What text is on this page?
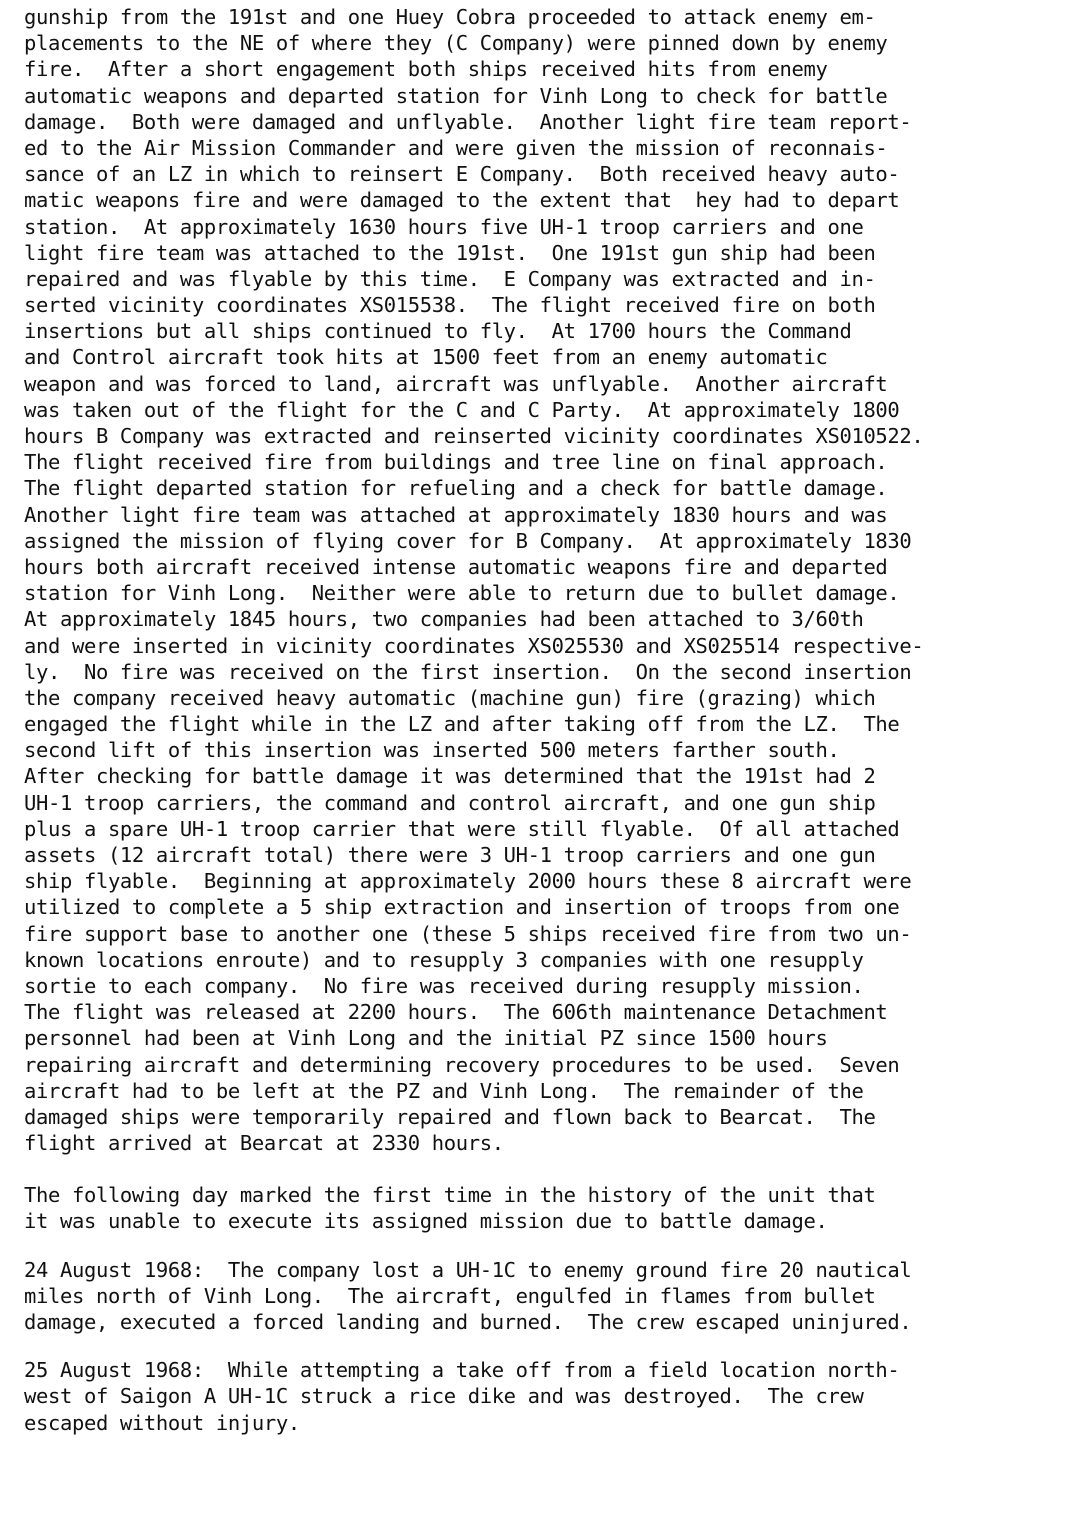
gunship from the 191st and one Huey Cobra proceeded to attack enemy em-
placements to the NE of where they (C Company) were pinned down by enemy
fire.  After a short engagement both ships received hits from enemy
automatic weapons and departed station for Vinh Long to check for battle
damage.  Both were damaged and unflyable.  Another light fire team report-
ed to the Air Mission Commander and were given the mission of reconnais-
sance of an LZ in which to reinsert E Company.  Both received heavy auto-
matic weapons fire and were damaged to the extent that  hey had to depart
station.  At approximately 1630 hours five UH-1 troop carriers and one
light fire team was attached to the 191st.  One 191st gun ship had been
repaired and was flyable by this time.  E Company was extracted and in-
serted vicinity coordinates XS015538.  The flight received fire on both
insertions but all ships continued to fly.  At 1700 hours the Command
and Control aircraft took hits at 1500 feet from an enemy automatic
weapon and was forced to land, aircraft was unflyable.  Another aircraft
was taken out of the flight for the C and C Party.  At approximately 1800
hours B Company was extracted and reinserted vicinity coordinates XS010522.
The flight received fire from buildings and tree line on final approach.
The flight departed station for refueling and a check for battle damage.
Another light fire team was attached at approximately 1830 hours and was
assigned the mission of flying cover for B Company.  At approximately 1830
hours both aircraft received intense automatic weapons fire and departed
station for Vinh Long.  Neither were able to return due to bullet damage.
At approximately 1845 hours, two companies had been attached to 3/60th
and were inserted in vicinity coordinates XS025530 and XS025514 respective-
ly.  No fire was received on the first insertion.  On the second insertion
the company received heavy automatic (machine gun) fire (grazing) which
engaged the flight while in the LZ and after taking off from the LZ.  The
second lift of this insertion was inserted 500 meters farther south.
After checking for battle damage it was determined that the 191st had 2
UH-1 troop carriers, the command and control aircraft, and one gun ship
plus a spare UH-1 troop carrier that were still flyable.  Of all attached
assets (12 aircraft total) there were 3 UH-1 troop carriers and one gun
ship flyable.  Beginning at approximately 2000 hours these 8 aircraft were
utilized to complete a 5 ship extraction and insertion of troops from one
fire support base to another one (these 5 ships received fire from two un-
known locations enroute) and to resupply 3 companies with one resupply
sortie to each company.  No fire was received during resupply mission.
The flight was released at 2200 hours.  The 606th maintenance Detachment
personnel had been at Vinh Long and the initial PZ since 1500 hours
repairing aircraft and determining recovery procedures to be used.  Seven
aircraft had to be left at the PZ and Vinh Long.  The remainder of the
damaged ships were temporarily repaired and flown back to Bearcat.  The
flight arrived at Bearcat at 2330 hours.
The following day marked the first time in the history of the unit that
it was unable to execute its assigned mission due to battle damage.
24 August 1968:  The company lost a UH-1C to enemy ground fire 20 nautical
miles north of Vinh Long.  The aircraft, engulfed in flames from bullet
damage, executed a forced landing and burned.  The crew escaped uninjured.
25 August 1968:  While attempting a take off from a field location north-
west of Saigon A UH-1C struck a rice dike and was destroyed.  The crew
escaped without injury.
